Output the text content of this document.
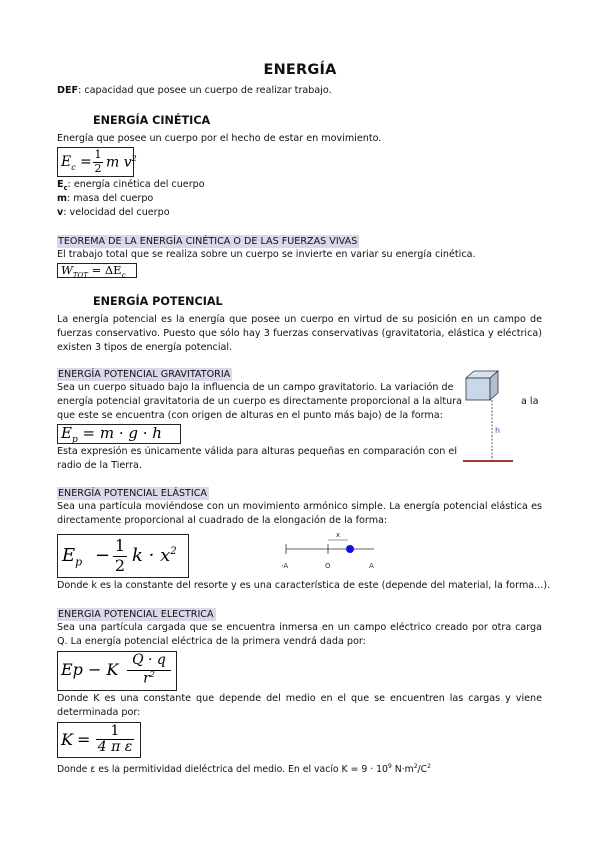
ENERGÍA
DEF: capacidad que posee un cuerpo de realizar trabajo.
ENERGÍA CINÉTICA
Energía que posee un cuerpo por el hecho de estar en movimiento.
$E_c = 1$
2 m $v^2$
$E_c$: energía cinética del cuerpo
m: masa del cuerpo
v: velocidad del cuerpo
TEOREMA DE LA ENERGÍA CINÉTICA O DE LAS FUERZAS VIVAS
El trabajo total que se realiza sobre un cuerpo se invierte en variar su energía cinética.
$W_{TOT} = \Delta E_c$
ENERGÍA POTENCIAL
La energía potencial es la energía que posee un cuerpo en virtud de su posición en un campo de fuerzas conservativo. Puesto que sólo hay 3 fuerzas conservativas (gravitatoria, elástica y eléctrica) existen 3 tipos de energía potencial.
ENERGÍA POTENCIAL GRAVITATORIA
Sea un cuerpo situado bajo la influencia de un campo gravitatorio. La variación de
energía potencial gravitatoria de un cuerpo es directamente proporcional a la altura	a la
que este se encuentra (con origen de alturas en el punto más bajo) de la forma:
$E_p = m \cdot g \cdot h$
Esta expresión es únicamente válida para alturas pequeñas en comparación con el radio de la Tierra.
h
ENERGÍA POTENCIAL ELÁSTICA
Sea una partícula moviéndose con un movimiento armónico simple. La energía potencial elástica es directamente proporcional al cuadrado de la elongación de la forma:
$E_p - 1$
2 $k \cdot x^2$
x
-A	O	A
Donde k es la constante del resorte y es una característica de este (depende del material, la forma...).
ENERGIA POTENCIAL ELECTRICA
Sea una partícula cargada que se encuentra inmersa en un campo eléctrico creado por otra carga Q. La energía potencial eléctrica de la primera vendrá dada por:
Ep − K Q · q
$r^2$
Donde K es una constante que depende del medio en el que se encuentren las cargas y viene determinada por:
K =	1
4 π ε
Donde ε es la permitividad dieléctrica del medio. En el vacío $K = 9 \cdot 10^9$ $N\cdot m^2/C^2$
